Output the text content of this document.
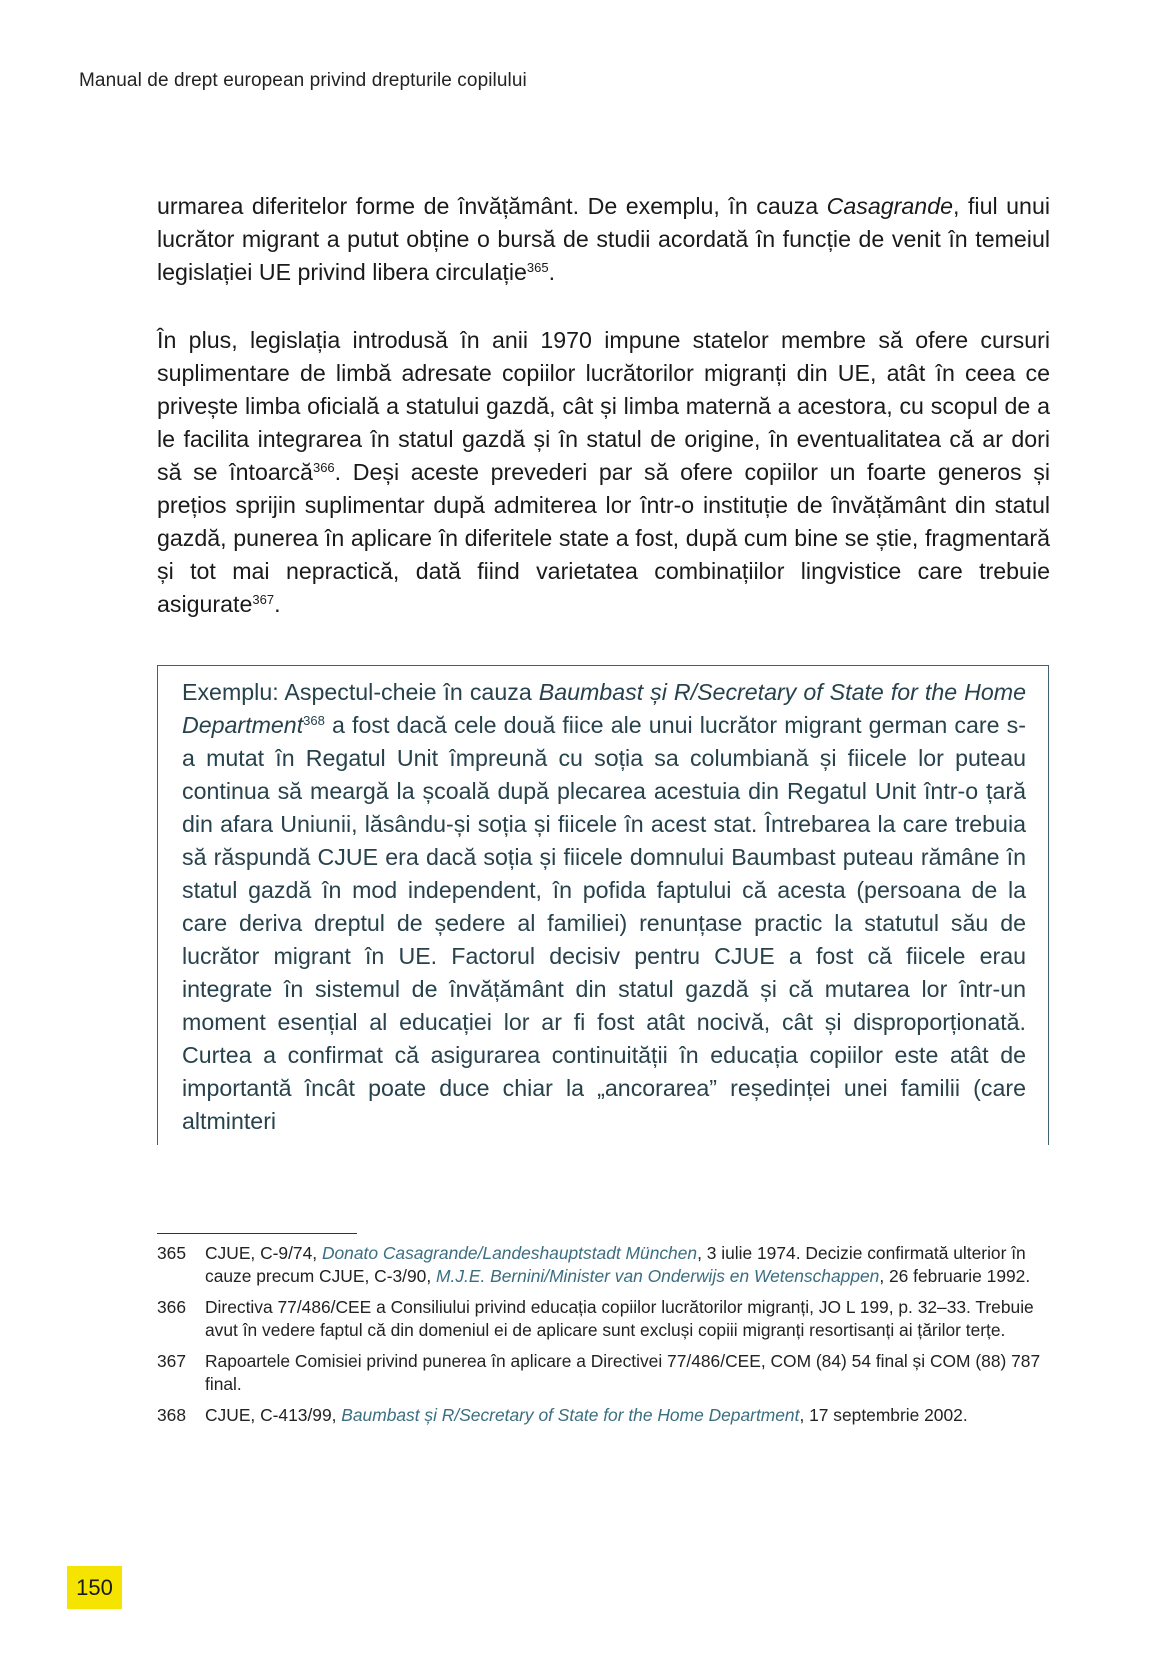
Manual de drept european privind drepturile copilului

urmarea diferitelor forme de învățământ. De exemplu, în cauza Casagrande, fiul unui lucrător migrant a putut obține o bursă de studii acordată în funcție de venit în temeiul legislației UE privind libera circulație$^{365}$.

În plus, legislația introdusă în anii 1970 impune statelor membre să ofere cursuri suplimentare de limbă adresate copiilor lucrătorilor migranți din UE, atât în ceea ce privește limba oficială a statului gazdă, cât și limba maternă a acestora, cu scopul de a le facilita integrarea în statul gazdă și în statul de origine, în eventualitatea că ar dori să se întoarcă$^{366}$. Deși aceste prevederi par să ofere copiilor un foarte generos și prețios sprijin suplimentar după admiterea lor într-o instituție de învățământ din statul gazdă, punerea în aplicare în diferitele state a fost, după cum bine se știe, fragmentară și tot mai nepractică, dată fiind varietatea combinațiilor lingvistice care trebuie asigurate$^{367}$.

Exemplu: Aspectul-cheie în cauza Baumbast și R/Secretary of State for the Home Department$^{368}$ a fost dacă cele două fiice ale unui lucrător migrant german care s-a mutat în Regatul Unit împreună cu soția sa columbiană și fiicele lor puteau continua să meargă la școală după plecarea acestuia din Regatul Unit într-o țară din afara Uniunii, lăsându-și soția și fiicele în acest stat. Întrebarea la care trebuia să răspundă CJUE era dacă soția și fiicele domnului Baumbast puteau rămâne în statul gazdă în mod independent, în pofida faptului că acesta (persoana de la care deriva dreptul de ședere al familiei) renunțase practic la statutul său de lucrător migrant în UE. Factorul decisiv pentru CJUE a fost că fiicele erau integrate în sistemul de învățământ din statul gazdă și că mutarea lor într-un moment esențial al educației lor ar fi fost atât nocivă, cât și disproporționată. Curtea a confirmat că asigurarea continuității în educația copiilor este atât de importantă încât poate duce chiar la „ancorarea” reședinței unei familii (care altminteri

365	CJUE, C-9/74, Donato Casagrande/Landeshauptstadt München, 3 iulie 1974. Decizie confirmată ulterior în cauze precum CJUE, C-3/90, M.J.E. Bernini/Minister van Onderwijs en Wetenschappen, 26 februarie 1992.
366	Directiva 77/486/CEE a Consiliului privind educația copiilor lucrătorilor migranți, JO L 199, p. 32–33. Trebuie avut în vedere faptul că din domeniul ei de aplicare sunt excluși copiii migranți resortisanți ai țărilor terțe.
367	Rapoartele Comisiei privind punerea în aplicare a Directivei 77/486/CEE, COM (84) 54 final și COM (88) 787 final.
368	CJUE, C-413/99, Baumbast și R/Secretary of State for the Home Department, 17 septembrie 2002.
150
